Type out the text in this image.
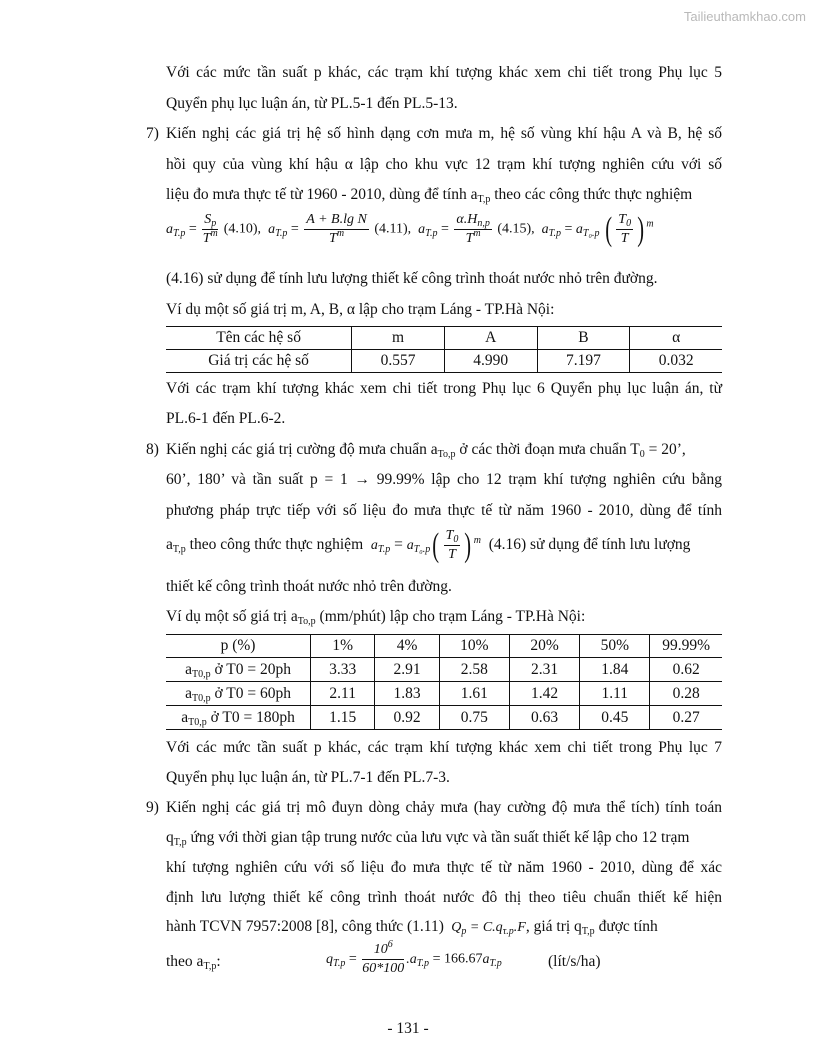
Tailieuthamkhao.com
Với các mức tần suất p khác, các trạm khí tượng khác xem chi tiết trong Phụ lục 5
Quyển phụ lục luận án, từ PL.5-1 đến PL.5-13.
7) Kiến nghị các giá trị hệ số hình dạng cơn mưa m, hệ số vùng khí hậu A và B, hệ số
hồi quy của vùng khí hậu α lập cho khu vực 12 trạm khí tượng nghiên cứu với số
liệu đo mưa thực tế từ 1960 - 2010, dùng để tính $a_{T,p}$ theo các công thức thực nghiệm
$a_{T.p} = \frac{S_p}{T^m} (4.10)$, $a_{T.p} = \frac{\text{A + B.lg N}}{T^m} (4.11)$, $a_{T.p} = \frac{\alpha.H_{n,p}}{T^m} (4.15)$, $a_{T.p} = a_{T_0.p}$ ( $\frac{T_0}{T}$ ) $^m$
(4.16) sử dụng để tính lưu lượng thiết kế công trình thoát nước nhỏ trên đường.
Ví dụ một số giá trị m, A, B, α lập cho trạm Láng - TP.Hà Nội:
Tên các hệ số	m	A	B	α
Giá trị các hệ số	0.557	4.990	7.197	0.032
Với các trạm khí tượng khác xem chi tiết trong Phụ lục 6 Quyển phụ lục luận án, từ
PL.6-1 đến PL.6-2.
8) Kiến nghị các giá trị cường độ mưa chuẩn $a_{To,p}$ ở các thời đoạn mưa chuẩn $T_0 = 20$’,
60’, 180’ và tần suất p = 1 → 99.99% lập cho 12 trạm khí tượng nghiên cứu bằng
phương pháp trực tiếp với số liệu đo mưa thực tế từ năm 1960 - 2010, dùng để tính
$a_{T,p}$ theo công thức thực nghiệm $a_{T.p} = a_{T_0.p}( \frac{T_0}{T}$ ) $^m$ (4.16) sử dụng để tính lưu lượng
thiết kế công trình thoát nước nhỏ trên đường.
Ví dụ một số giá trị $a_{To,p}$ (mm/phút) lập cho trạm Láng - TP.Hà Nội:
p (%)	1%	4%	10%	20%	50%	99.99%
$a_{T0,p}$ ở T0 = 20ph	3.33	2.91	2.58	2.31	1.84	0.62
$a_{T0,p}$ ở T0 = 60ph	2.11	1.83	1.61	1.42	1.11	0.28
$a_{T0,p}$ ở T0 = 180ph	1.15	0.92	0.75	0.63	0.45	0.27
Với các mức tần suất p khác, các trạm khí tượng khác xem chi tiết trong Phụ lục 7
Quyển phụ lục luận án, từ PL.7-1 đến PL.7-3.
9) Kiến nghị các giá trị mô đuyn dòng chảy mưa (hay cường độ mưa thể tích) tính toán
$q_{T,p}$ ứng với thời gian tập trung nước của lưu vực và tần suất thiết kế lập cho 12 trạm
khí tượng nghiên cứu với số liệu đo mưa thực tế từ năm 1960 - 2010, dùng để xác
định lưu lượng thiết kế công trình thoát nước đô thị theo tiêu chuẩn thiết kế hiện
hành TCVN 7957:2008 [8], công thức (1.11)  $Q_p = C.q_{\tau.p}.F$, giá trị $q_{T,p}$ được tính
theo $a_{T,p}$:	$q_{T.p} = \frac{10^6}{60*100} .a_{T.p} = 166.67a_{T.p}$	(lít/s/ha)
- 131 -
